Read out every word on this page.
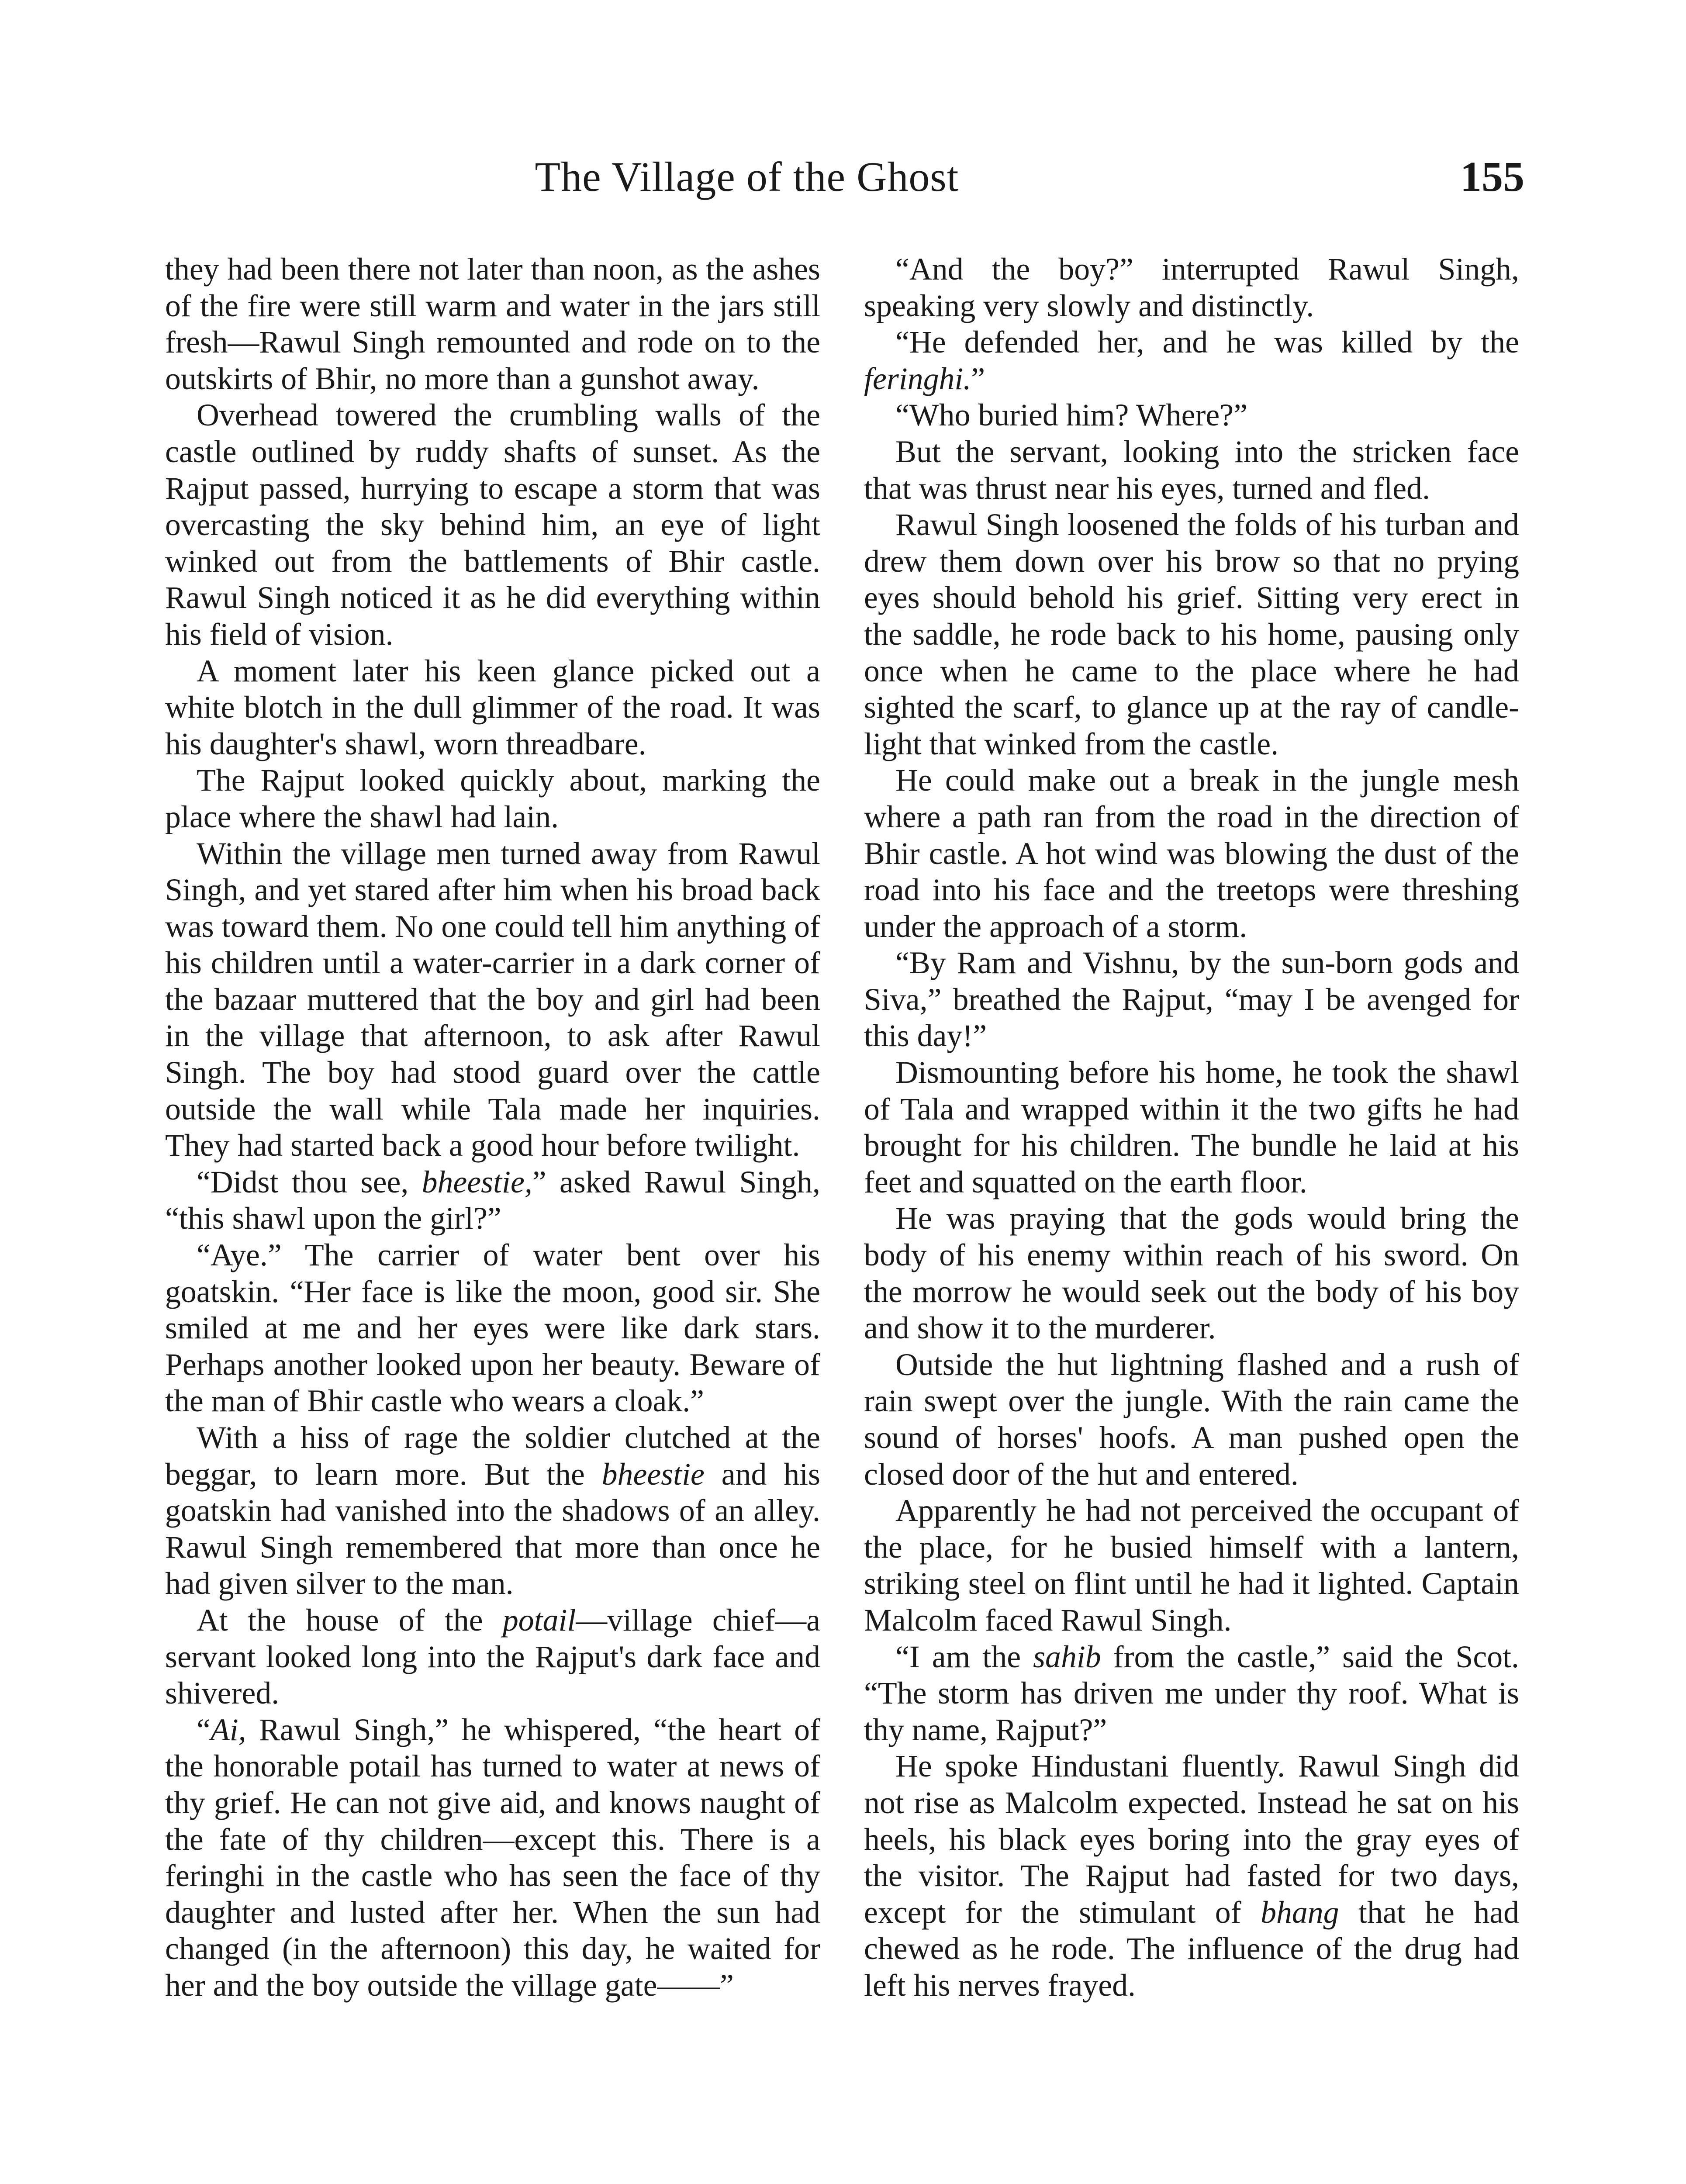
The Village of the Ghost	155

they had been there not later than noon, as the ashes of the fire were still warm and water in the jars still fresh—Rawul Singh remounted and rode on to the outskirts of Bhir, no more than a gunshot away.

Overhead towered the crumbling walls of the castle outlined by ruddy shafts of sunset. As the Rajput passed, hurrying to escape a storm that was overcasting the sky behind him, an eye of light winked out from the battlements of Bhir castle. Rawul Singh noticed it as he did everything within his field of vision.

A moment later his keen glance picked out a white blotch in the dull glimmer of the road. It was his daughter's shawl, worn threadbare.

The Rajput looked quickly about, marking the place where the shawl had lain.

Within the village men turned away from Rawul Singh, and yet stared after him when his broad back was toward them. No one could tell him anything of his children until a water-carrier in a dark corner of the bazaar muttered that the boy and girl had been in the village that afternoon, to ask after Rawul Singh. The boy had stood guard over the cattle outside the wall while Tala made her inquiries. They had started back a good hour before twilight.

“Didst thou see, bheestie,” asked Rawul Singh, “this shawl upon the girl?”

“Aye.” The carrier of water bent over his goatskin. “Her face is like the moon, good sir. She smiled at me and her eyes were like dark stars. Perhaps another looked upon her beauty. Beware of the man of Bhir castle who wears a cloak.”

With a hiss of rage the soldier clutched at the beggar, to learn more. But the bheestie and his goatskin had vanished into the shadows of an alley. Rawul Singh remembered that more than once he had given silver to the man.

At the house of the potail—village chief—a servant looked long into the Rajput's dark face and shivered.

“Ai, Rawul Singh,” he whispered, “the heart of the honorable potail has turned to water at news of thy grief. He can not give aid, and knows naught of the fate of thy children—except this. There is a feringhi in the castle who has seen the face of thy daughter and lusted after her. When the sun had changed (in the afternoon) this day, he waited for her and the boy outside the village gate——”

“And the boy?” interrupted Rawul Singh, speaking very slowly and distinctly.

“He defended her, and he was killed by the feringhi.”

“Who buried him? Where?”

But the servant, looking into the stricken face that was thrust near his eyes, turned and fled.

Rawul Singh loosened the folds of his turban and drew them down over his brow so that no prying eyes should behold his grief. Sitting very erect in the saddle, he rode back to his home, pausing only once when he came to the place where he had sighted the scarf, to glance up at the ray of candle-light that winked from the castle.

He could make out a break in the jungle mesh where a path ran from the road in the direction of Bhir castle. A hot wind was blowing the dust of the road into his face and the treetops were threshing under the approach of a storm.

“By Ram and Vishnu, by the sun-born gods and Siva,” breathed the Rajput, “may I be avenged for this day!”

Dismounting before his home, he took the shawl of Tala and wrapped within it the two gifts he had brought for his children. The bundle he laid at his feet and squatted on the earth floor.

He was praying that the gods would bring the body of his enemy within reach of his sword. On the morrow he would seek out the body of his boy and show it to the murderer.

Outside the hut lightning flashed and a rush of rain swept over the jungle. With the rain came the sound of horses' hoofs. A man pushed open the closed door of the hut and entered.

Apparently he had not perceived the occupant of the place, for he busied himself with a lantern, striking steel on flint until he had it lighted. Captain Malcolm faced Rawul Singh.

“I am the sahib from the castle,” said the Scot. “The storm has driven me under thy roof. What is thy name, Rajput?”

He spoke Hindustani fluently. Rawul Singh did not rise as Malcolm expected. Instead he sat on his heels, his black eyes boring into the gray eyes of the visitor. The Rajput had fasted for two days, except for the stimulant of bhang that he had chewed as he rode. The influence of the drug had left his nerves frayed.
